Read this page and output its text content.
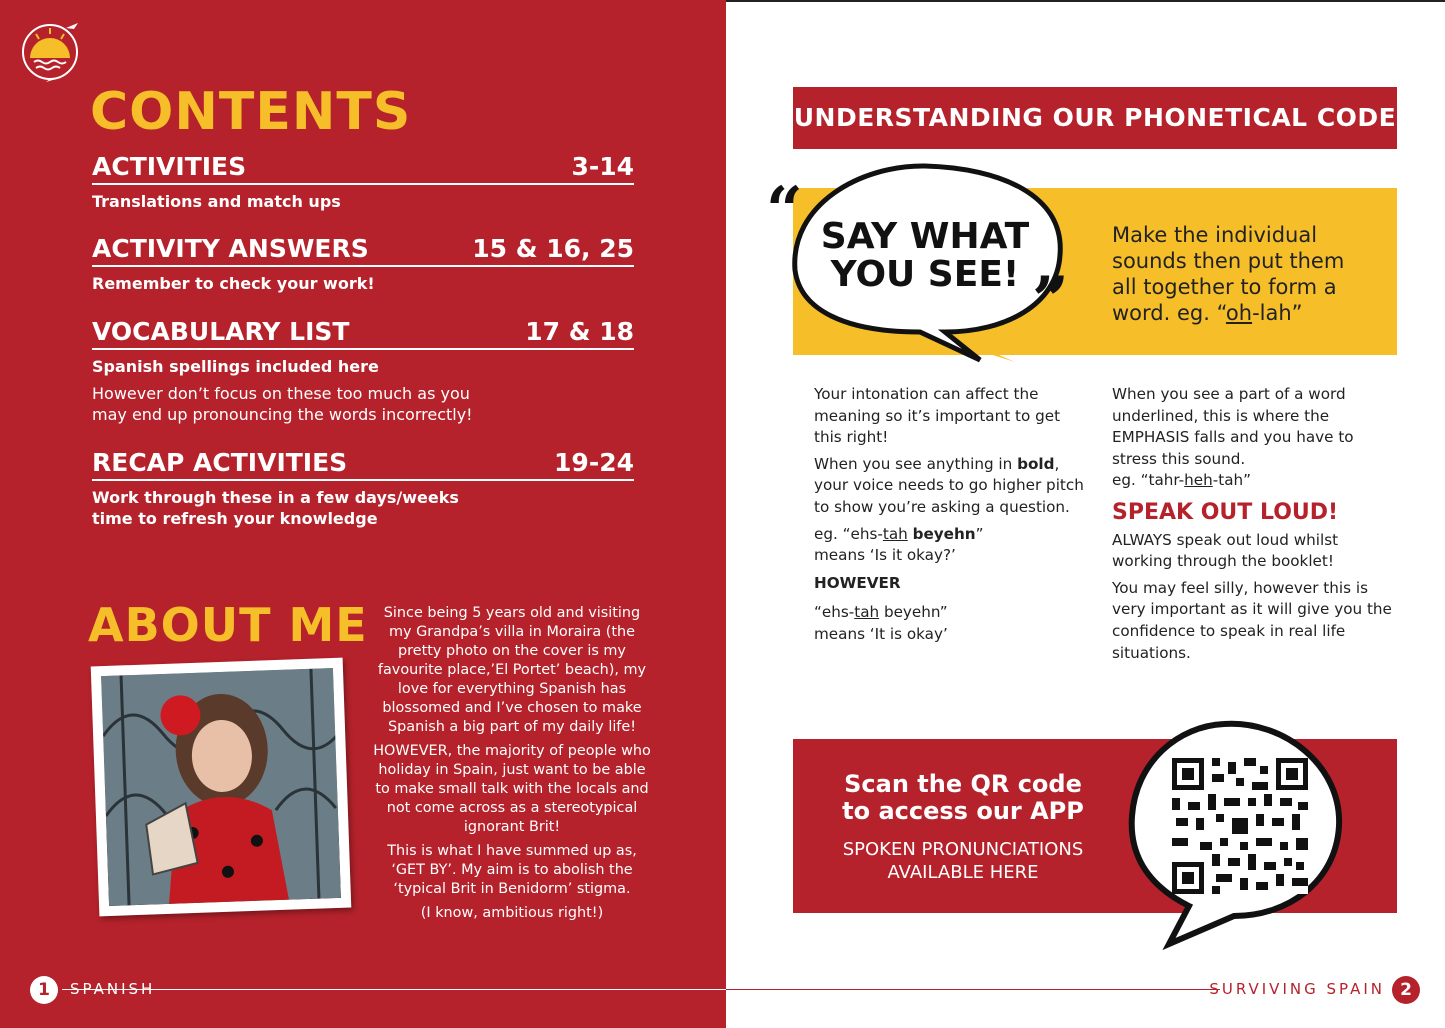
CONTENTS
ACTIVITIES	3-14
Translations and match ups
ACTIVITY ANSWERS	15 & 16, 25
Remember to check your work!
VOCABULARY LIST	17 & 18
Spanish spellings included here
However don’t focus on these too much as you may end up pronouncing the words incorrectly!
RECAP ACTIVITIES	19-24
Work through these in a few days/weeks time to refresh your knowledge
ABOUT ME	Since being 5 years old and visiting my Grandpa’s villa in Moraira (the pretty photo on the cover is my favourite place,’El Portet’ beach), my love for everything Spanish has blossomed and I’ve chosen to make Spanish a big part of my daily life!

HOWEVER, the majority of people who holiday in Spain, just want to be able to make small talk with the locals and not come across as a stereotypical ignorant Brit!

This is what I have summed up as, ‘GET BY’. My aim is to abolish the ‘typical Brit in Benidorm’ stigma.

(I know, ambitious right!)

1	SPANISH	SURVIVING SPAIN 2
UNDERSTANDING OUR PHONETICAL CODE
“
”
SAY WHAT
YOU SEE!
Make the individual sounds then put them all together to form a word. eg. “oh-lah”

Your intonation can affect the meaning so it’s important to get this right!

When you see anything in bold, your voice needs to go higher pitch to show you’re asking a question.

eg. “ehs-tah beyehn”
means ‘Is it okay?’

HOWEVER

“ehs-tah beyehn”
means ‘It is okay’

When you see a part of a word underlined, this is where the EMPHASIS falls and you have to stress this sound.
eg. “tahr-heh-tah”

SPEAK OUT LOUD!

ALWAYS speak out loud whilst working through the booklet!

You may feel silly, however this is very important as it will give you the confidence to speak in real life situations.

Scan the QR code
to access our APP
SPOKEN PRONUNCIATIONS
AVAILABLE HERE
